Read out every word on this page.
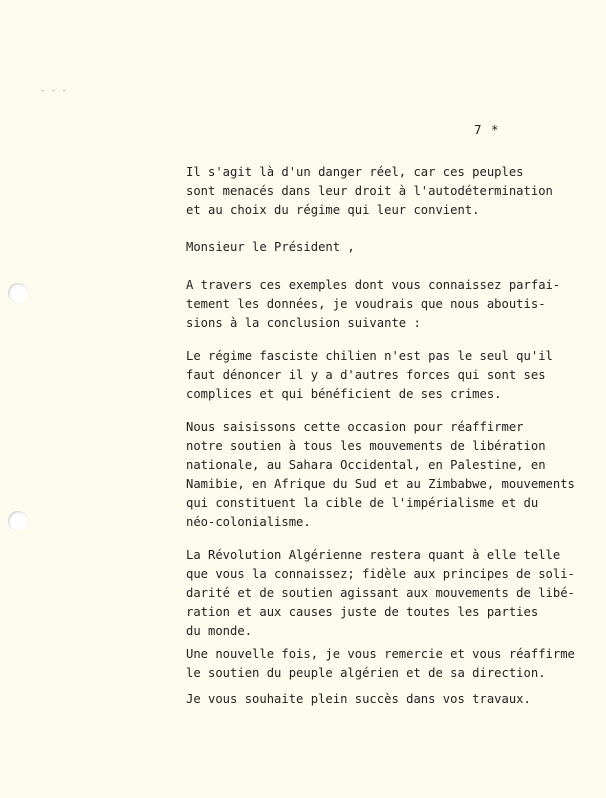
- - -
7 *
Il s'agit là d'un danger réel, car ces peuples
sont menacés dans leur droit à l'autodétermination
et au choix du régime qui leur convient.
Monsieur le Président ,
A travers ces exemples dont vous connaissez parfai-
tement les données, je voudrais que nous aboutis-
sions à la conclusion suivante :
Le régime fasciste chilien n'est pas le seul qu'il
faut dénoncer il y a d'autres forces qui sont ses
complices et qui bénéficient de ses crimes.
Nous saisissons cette occasion pour réaffirmer
notre soutien à tous les mouvements de libération
nationale, au Sahara Occidental, en Palestine, en
Namibie, en Afrique du Sud et au Zimbabwe, mouvements
qui constituent la cible de l'impérialisme et du
néo-colonialisme.
La Révolution Algérienne restera quant à elle telle
que vous la connaissez; fidèle aux principes de soli-
darité et de soutien agissant aux mouvements de libé-
ration et aux causes juste de toutes les parties
du monde.
Une nouvelle fois, je vous remercie et vous réaffirme
le soutien du peuple algérien et de sa direction.
Je vous souhaite plein succès dans vos travaux.
